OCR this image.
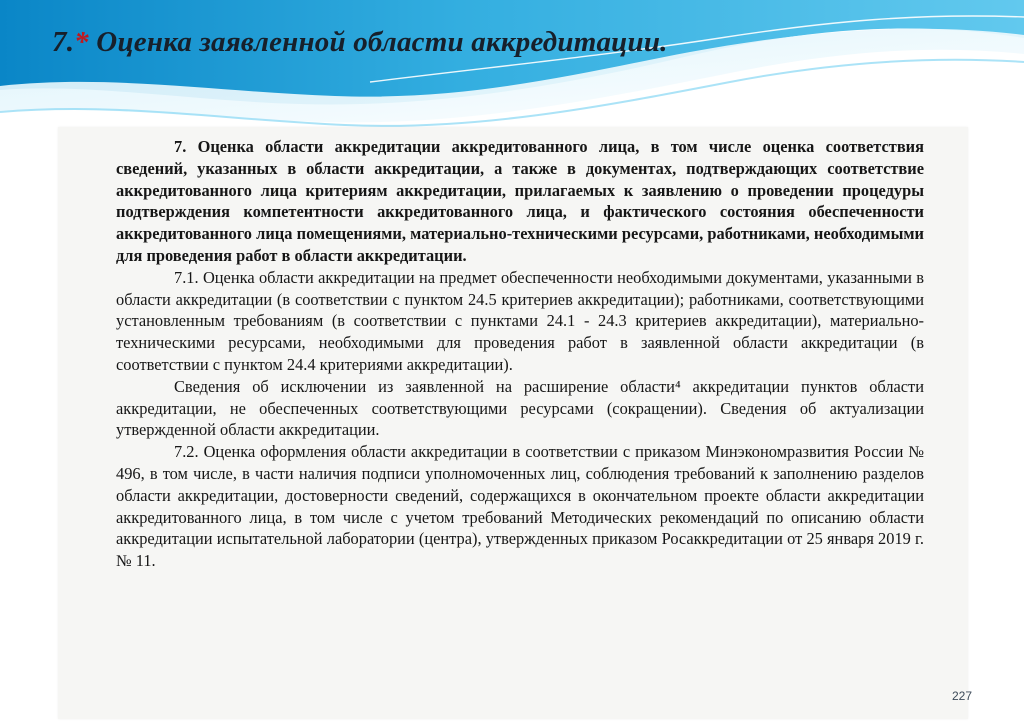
7.* Оценка заявленной области аккредитации.

7. Оценка области аккредитации аккредитованного лица, в том числе оценка соответствия сведений, указанных в области аккредитации, а также в документах, подтверждающих соответствие аккредитованного лица критериям аккредитации, прилагаемых к заявлению о проведении процедуры подтверждения компетентности аккредитованного лица, и фактического состояния обеспеченности аккредитованного лица помещениями, материально-техническими ресурсами, работниками, необходимыми для проведения работ в области аккредитации.

7.1. Оценка области аккредитации на предмет обеспеченности необходимыми документами, указанными в области аккредитации (в соответствии с пунктом 24.5 критериев аккредитации); работниками, соответствующими установленным требованиям (в соответствии с пунктами 24.1 - 24.3 критериев аккредитации), материально-техническими ресурсами, необходимыми для проведения работ в заявленной области аккредитации (в соответствии с пунктом 24.4 критериями аккредитации).

Сведения об исключении из заявленной на расширение области⁴ аккредитации пунктов области аккредитации, не обеспеченных соответствующими ресурсами (сокращении). Сведения об актуализации утвержденной области аккредитации.

7.2. Оценка оформления области аккредитации в соответствии с приказом Минэкономразвития России № 496, в том числе, в части наличия подписи уполномоченных лиц, соблюдения требований к заполнению разделов области аккредитации, достоверности сведений, содержащихся в окончательном проекте области аккредитации аккредитованного лица, в том числе с учетом требований Методических рекомендаций по описанию области аккредитации испытательной лаборатории (центра), утвержденных приказом Росаккредитации от 25 января 2019 г. № 11.

227
